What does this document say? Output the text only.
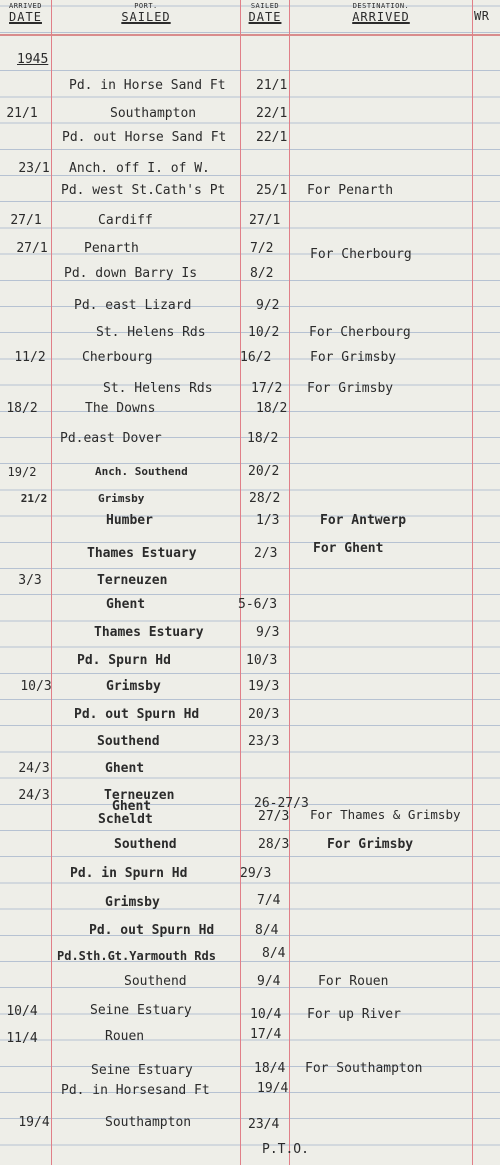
ARRIVED
DATE
PORT.
SAILED
SAILED
DATE
DESTINATION.
ARRIVED	WR
1945
Pd. in Horse Sand Ft 21/1
21/1	Southampton	22/1
Pd. out Horse Sand Ft 22/1
23/1	Anch. off I. of W.
Pd. west St.Cath's Pt 25/1 For Penarth
27/1	Cardiff	27/1
27/1	Penarth	7/2	For Cherbourg
Pd. down Barry Is	8/2
Pd. east Lizard	9/2
St. Helens Rds	10/2 For Cherbourg
11/2	Cherbourg	16/2	For Grimsby
St. Helens Rds	17/2 For Grimsby
18/2	The Downs	18/2
Pd.east Dover	18/2
19/2	Anch. Southend	20/2
21/2	Grimsby	28/2
Humber	1/3	For Antwerp
Thames Estuary	2/3	For Ghent
3/3	Terneuzen
Ghent	5-6/3
Thames Estuary	9/3
Pd. Spurn Hd	10/3
10/3	Grimsby	19/3
Pd. out Spurn Hd	20/3
Southend	23/3
24/3	Ghent
24/3	Terneuzen
Ghent	26-27/3
Scheldt	27/3 For Thames & Grimsby
Southend	28/3	For Grimsby
Pd. in Spurn Hd	29/3
Grimsby	7/4
Pd. out Spurn Hd	8/4
Pd.Sth.Gt.Yarmouth Rds	8/4
Southend	9/4	For Rouen
10/4	Seine Estuary	10/4 For up River
11/4	Rouen	17/4
Seine Estuary	18/4 For Southampton
Pd. in Horsesand Ft	19/4
19/4	Southampton	23/4
P.T.O.
